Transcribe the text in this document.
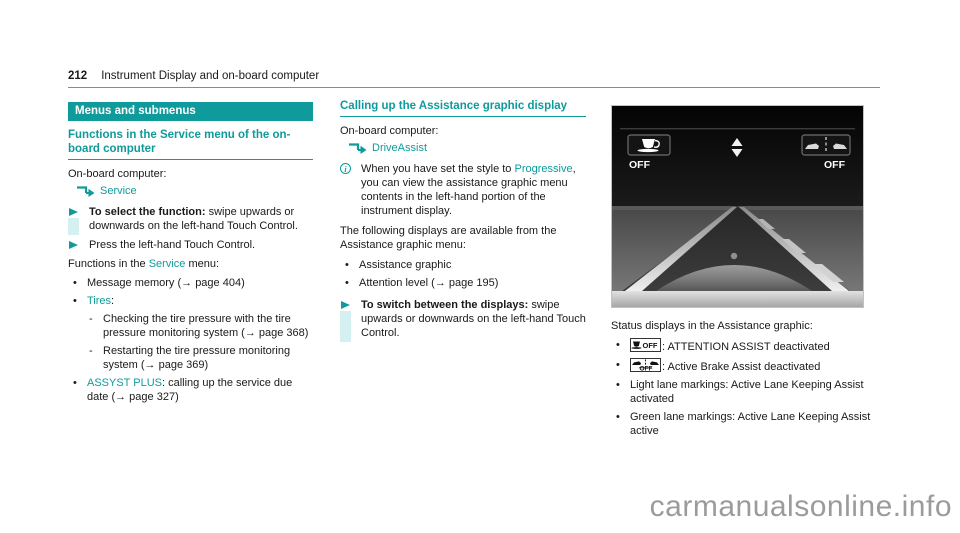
212 Instrument Display and on-board computer
Menus and submenus
Functions in the Service menu of the on-board computer
On-board computer:
Service
To select the function: swipe upwards or downwards on the left-hand Touch Control.
Press the left-hand Touch Control.
Functions in the Service menu:
• Message memory (→ page 404)
• Tires:
- Checking the tire pressure with the tire pressure monitoring system (→ page 368)
- Restarting the tire pressure monitoring system (→ page 369)
• ASSYST PLUS: calling up the service due date (→ page 327)
Calling up the Assistance graphic display
On-board computer:
DriveAssist
i	When you have set the style to Progressive, you can view the assistance graphic menu contents in the left-hand portion of the instrument display.
The following displays are available from the Assistance graphic menu:
• Assistance graphic
• Attention level (→ page 195)
To switch between the displays: swipe upwards or downwards on the left-hand Touch Control.
OFF	OFF
Status displays in the Assistance graphic:
•	OFF : ATTENTION ASSIST deactivated
•	OFF : Active Brake Assist deactivated
• Light lane markings: Active Lane Keeping Assist activated
• Green lane markings: Active Lane Keeping Assist active
carmanualsonline.info
